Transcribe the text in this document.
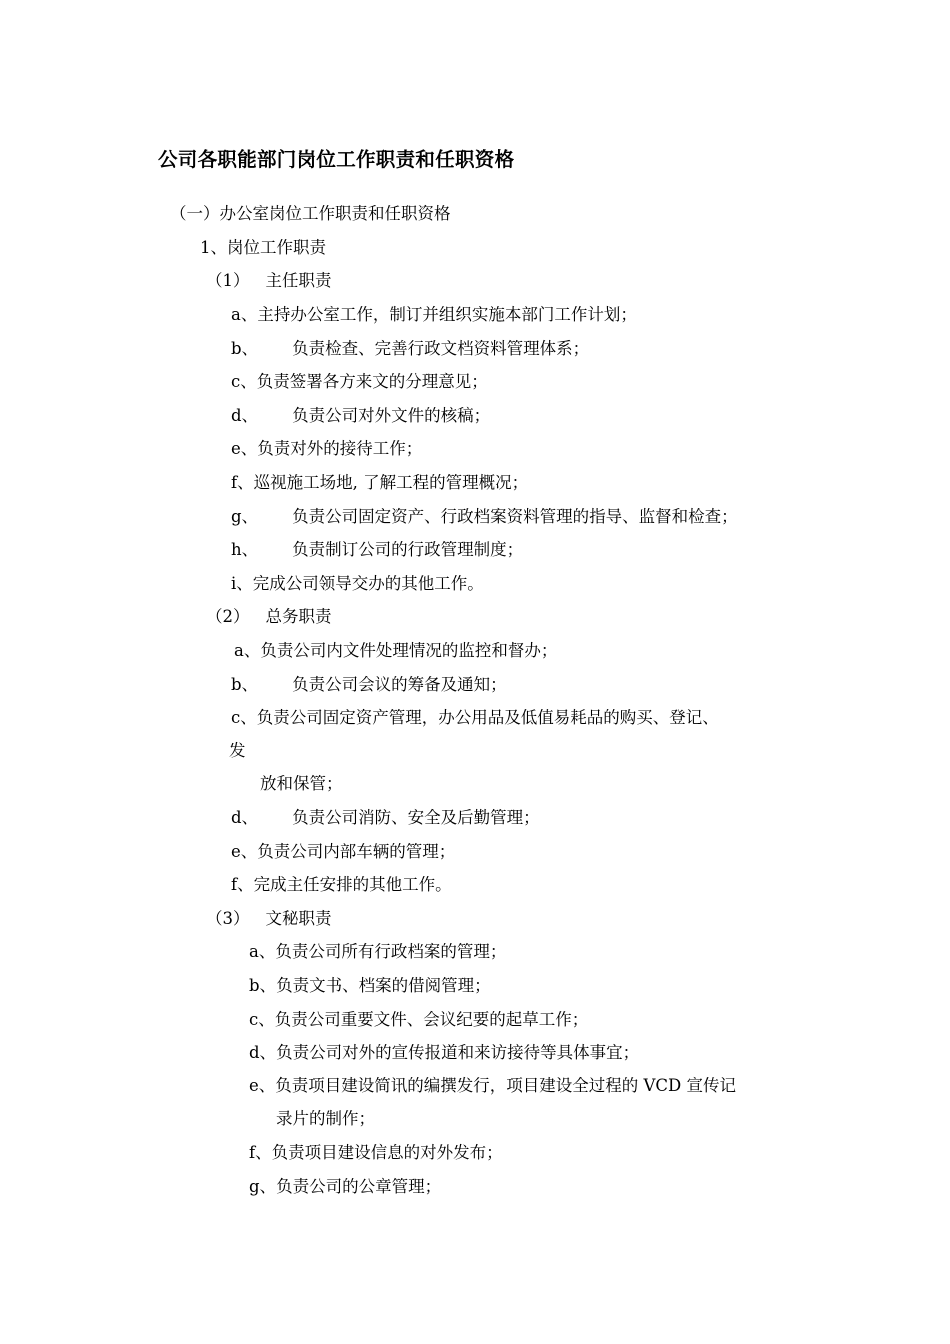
公司各职能部门岗位工作职责和任职资格
（一）办公室岗位工作职责和任职资格
1、岗位工作职责
（1） 主任职责
a、主持办公室工作，制订并组织实施本部门工作计划；
b、 负责检查、完善行政文档资料管理体系；
c、负责签署各方来文的分理意见；
d、 负责公司对外文件的核稿；
e、负责对外的接待工作；
f、巡视施工场地, 了解工程的管理概况；
g、 负责公司固定资产、行政档案资料管理的指导、监督和检查；
h、 负责制订公司的行政管理制度；
i、完成公司领导交办的其他工作。
（2） 总务职责
a、负责公司内文件处理情况的监控和督办；
b、 负责公司会议的筹备及通知；
c、负责公司固定资产管理，办公用品及低值易耗品的购买、登记、
发
放和保管；
d、 负责公司消防、安全及后勤管理；
e、负责公司内部车辆的管理；
f、完成主任安排的其他工作。
（3） 文秘职责
a、负责公司所有行政档案的管理；
b、负责文书、档案的借阅管理；
c、负责公司重要文件、会议纪要的起草工作；
d、负责公司对外的宣传报道和来访接待等具体事宜；
e、负责项目建设简讯的编撰发行，项目建设全过程的 VCD 宣传记
录片的制作；
f、负责项目建设信息的对外发布；
g、负责公司的公章管理；
